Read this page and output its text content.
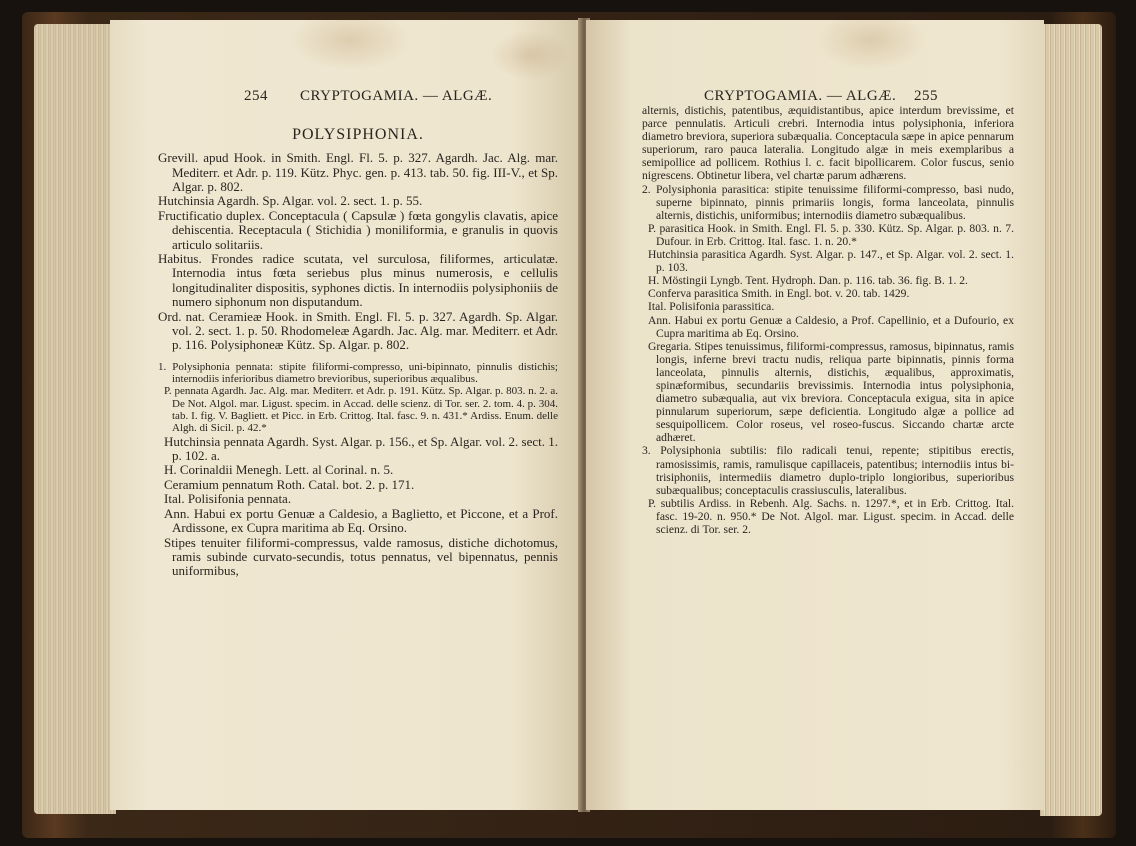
254 CRYPTOGAMIA. — ALGÆ.

POLYSIPHONIA.

Grevill. apud Hook. in Smith. Engl. Fl. 5. p. 327. Agardh. Jac. Alg. mar. Mediterr. et Adr. p. 119. Kütz. Phyc. gen. p. 413. tab. 50. fig. III-V., et Sp. Algar. p. 802.

Hutchinsia Agardh. Sp. Algar. vol. 2. sect. 1. p. 55.

Fructificatio duplex. Conceptacula ( Capsulæ ) fœta gongylis clavatis, apice dehiscentia. Receptacula ( Stichidia ) moniliformia, e granulis in quovis articulo solitariis.

Habitus. Frondes radice scutata, vel surculosa, filiformes, articulatæ. Internodia intus fœta seriebus plus minus numerosis, e cellulis longitudinaliter dispositis, syphones dictis. In internodiis polysiphoniis de numero siphonum non disputandum.

Ord. nat. Ceramieæ Hook. in Smith. Engl. Fl. 5. p. 327. Agardh. Sp. Algar. vol. 2. sect. 1. p. 50. Rhodomeleæ Agardh. Jac. Alg. mar. Mediterr. et Adr. p. 116. Polysiphoneæ Kütz. Sp. Algar. p. 802.

1. Polysiphonia pennata: stipite filiformi-compresso, uni-bipinnato, pinnulis distichis; internodiis inferioribus diametro brevioribus, superioribus æqualibus.

P. pennata Agardh. Jac. Alg. mar. Mediterr. et Adr. p. 191. Kütz. Sp. Algar. p. 803. n. 2. a. De Not. Algol. mar. Ligust. specim. in Accad. delle scienz. di Tor. ser. 2. tom. 4. p. 304. tab. I. fig. V. Bagliett. et Picc. in Erb. Crittog. Ital. fasc. 9. n. 431.* Ardiss. Enum. delle Algh. di Sicil. p. 42.*

Hutchinsia pennata Agardh. Syst. Algar. p. 156., et Sp. Algar. vol. 2. sect. 1. p. 102. a.

H. Corinaldii Menegh. Lett. al Corinal. n. 5.

Ceramium pennatum Roth. Catal. bot. 2. p. 171.

Ital. Polisifonia pennata.

Ann. Habui ex portu Genuæ a Caldesio, a Baglietto, et Piccone, et a Prof. Ardissone, ex Cupra maritima ab Eq. Orsino.

Stipes tenuiter filiformi-compressus, valde ramosus, distiche dichotomus, ramis subinde curvato-secundis, totus pennatus, vel bipennatus, pennis uniformibus,

CRYPTOGAMIA. — ALGÆ. 255

alternis, distichis, patentibus, æquidistantibus, apice interdum brevissime, et parce pennulatis. Articuli crebri. Internodia intus polysiphonia, inferiora diametro breviora, superiora subæqualia. Conceptacula sæpe in apice pennarum superiorum, raro pauca lateralia. Longitudo algæ in meis exemplaribus a semipollice ad pollicem. Rothius l. c. facit bipollicarem. Color fuscus, senio nigrescens. Obtinetur libera, vel chartæ parum adhærens.

2. Polysiphonia parasitica: stipite tenuissime filiformi-compresso, basi nudo, superne bipinnato, pinnis primariis longis, forma lanceolata, pinnulis alternis, distichis, uniformibus; internodiis diametro subæqualibus.

P. parasitica Hook. in Smith. Engl. Fl. 5. p. 330. Kütz. Sp. Algar. p. 803. n. 7. Dufour. in Erb. Crittog. Ital. fasc. 1. n. 20.*

Hutchinsia parasitica Agardh. Syst. Algar. p. 147., et Sp. Algar. vol. 2. sect. 1. p. 103.

H. Möstingii Lyngb. Tent. Hydroph. Dan. p. 116. tab. 36. fig. B. 1. 2.

Conferva parasitica Smith. in Engl. bot. v. 20. tab. 1429.

Ital. Polisifonia parassitica.

Ann. Habui ex portu Genuæ a Caldesio, a Prof. Capellinio, et a Dufourio, ex Cupra maritima ab Eq. Orsino.

Gregaria. Stipes tenuissimus, filiformi-compressus, ramosus, bipinnatus, ramis longis, inferne brevi tractu nudis, reliqua parte bipinnatis, pinnis forma lanceolata, pinnulis alternis, distichis, æqualibus, approximatis, spinæformibus, secundariis brevissimis. Internodia intus polysiphonia, diametro subæqualia, aut vix breviora. Conceptacula exigua, sita in apice pinnularum superiorum, sæpe deficientia. Longitudo algæ a pollice ad sesquipollicem. Color roseus, vel roseo-fuscus. Siccando chartæ arcte adhæret.

3. Polysiphonia subtilis: filo radicali tenui, repente; stipitibus erectis, ramosissimis, ramis, ramulisque capillaceis, patentibus; internodiis intus bi-trisiphoniis, intermediis diametro duplo-triplo longioribus, superioribus subæqualibus; conceptaculis crassiusculis, lateralibus.

P. subtilis Ardiss. in Rebenh. Alg. Sachs. n. 1297.*, et in Erb. Crittog. Ital. fasc. 19-20. n. 950.* De Not. Algol. mar. Ligust. specim. in Accad. delle scienz. di Tor. ser. 2.
